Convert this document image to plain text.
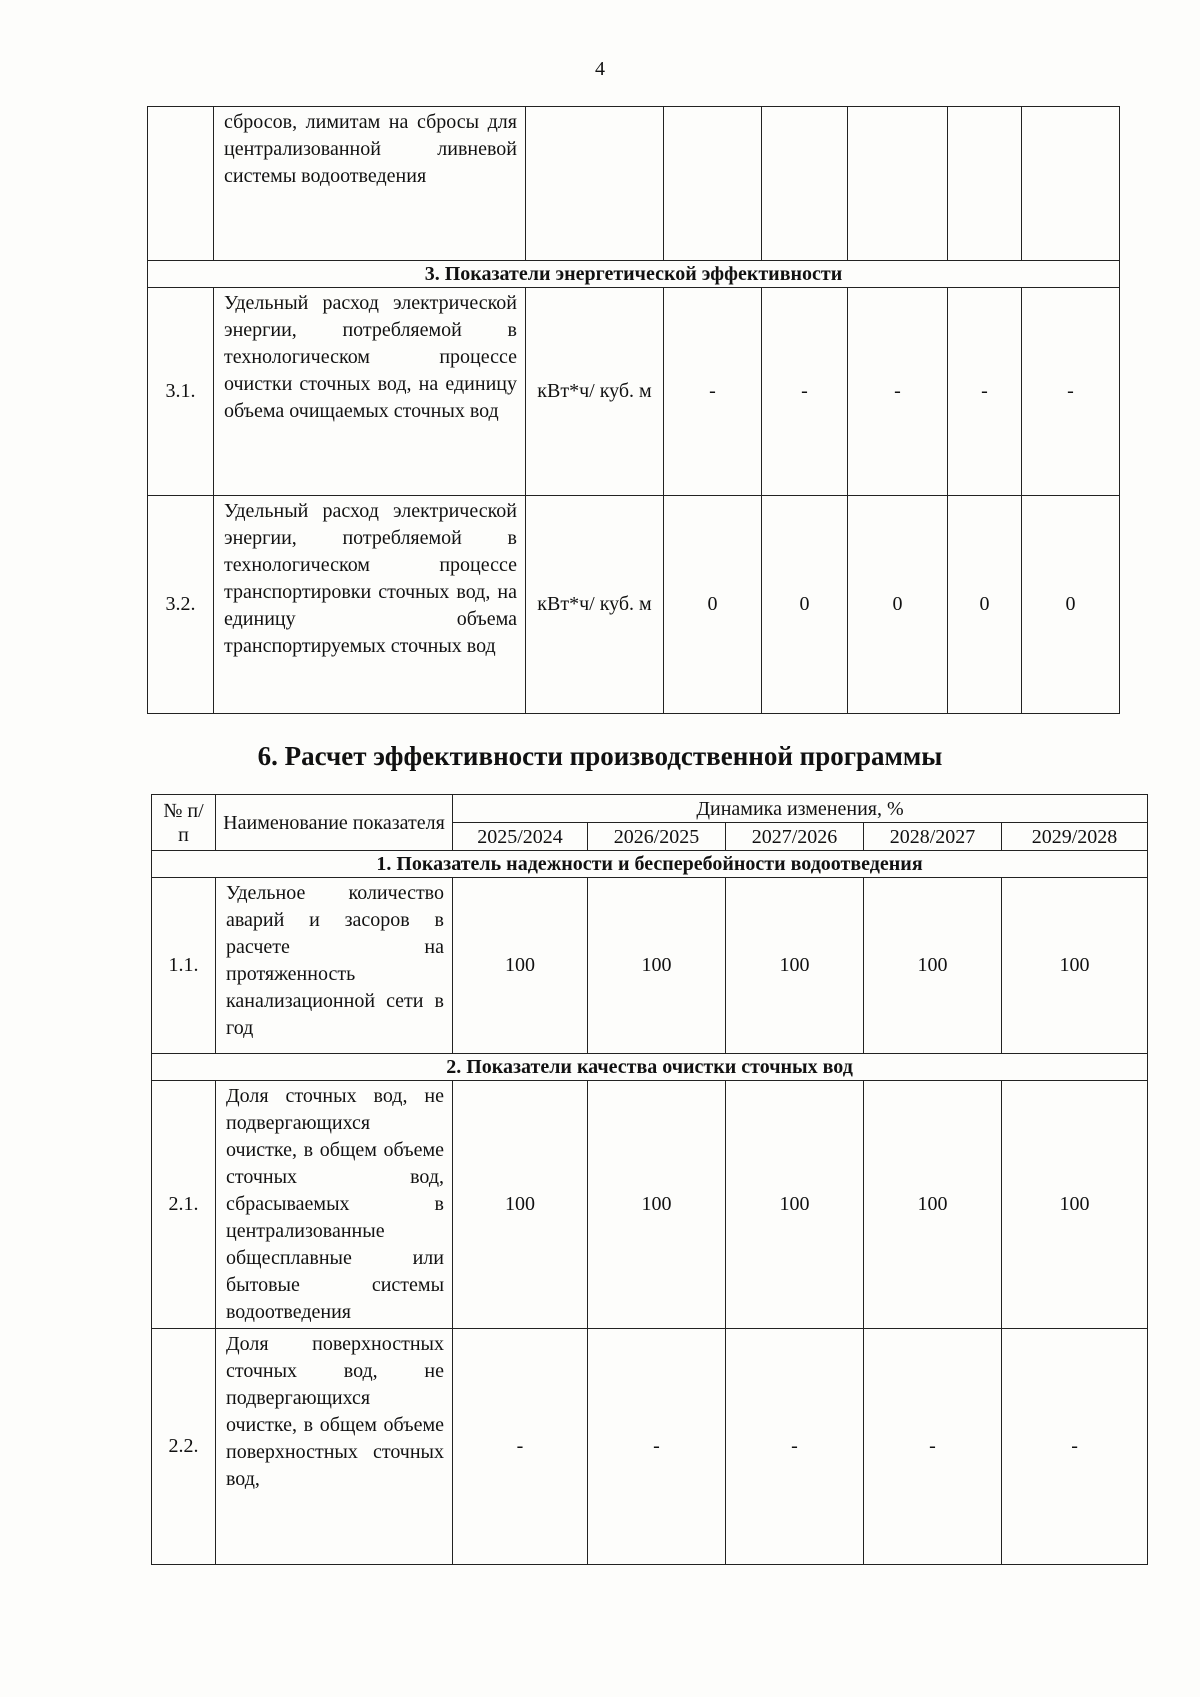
4
	сбросов, лимитам на сбросы для централизованной ливневой системы водоотведения						
3. Показатели энергетической эффективности							
3.1.	Удельный расход электрической энергии, потребляемой в технологическом процессе очистки сточных вод, на единицу объема очищаемых сточных вод	кВт*ч/ куб. м	-	-	-	-	-
3.2.	Удельный расход электрической энергии, потребляемой в технологическом процессе транспортировки сточных вод, на единицу объема транспортируемых сточных вод	кВт*ч/ куб. м	0	0	0	0	0
6. Расчет эффективности производственной программы
№ п/п	Наименование показателя	Динамика изменения, %				
		2025/2024	2026/2025	2027/2026	2028/2027	2029/2028
1. Показатель надежности и бесперебойности водоотведения						
1.1.	Удельное количество аварий и засоров в расчете на протяженность канализационной сети в год	100	100	100	100	100
2. Показатели качества очистки сточных вод						
2.1.	Доля сточных вод, не подвергающихся очистке, в общем объеме сточных вод, сбрасываемых в централизованные общесплавные или бытовые системы водоотведения	100	100	100	100	100
2.2.	Доля поверхностных сточных вод, не подвергающихся очистке, в общем объеме поверхностных сточных вод,	-	-	-	-	-
